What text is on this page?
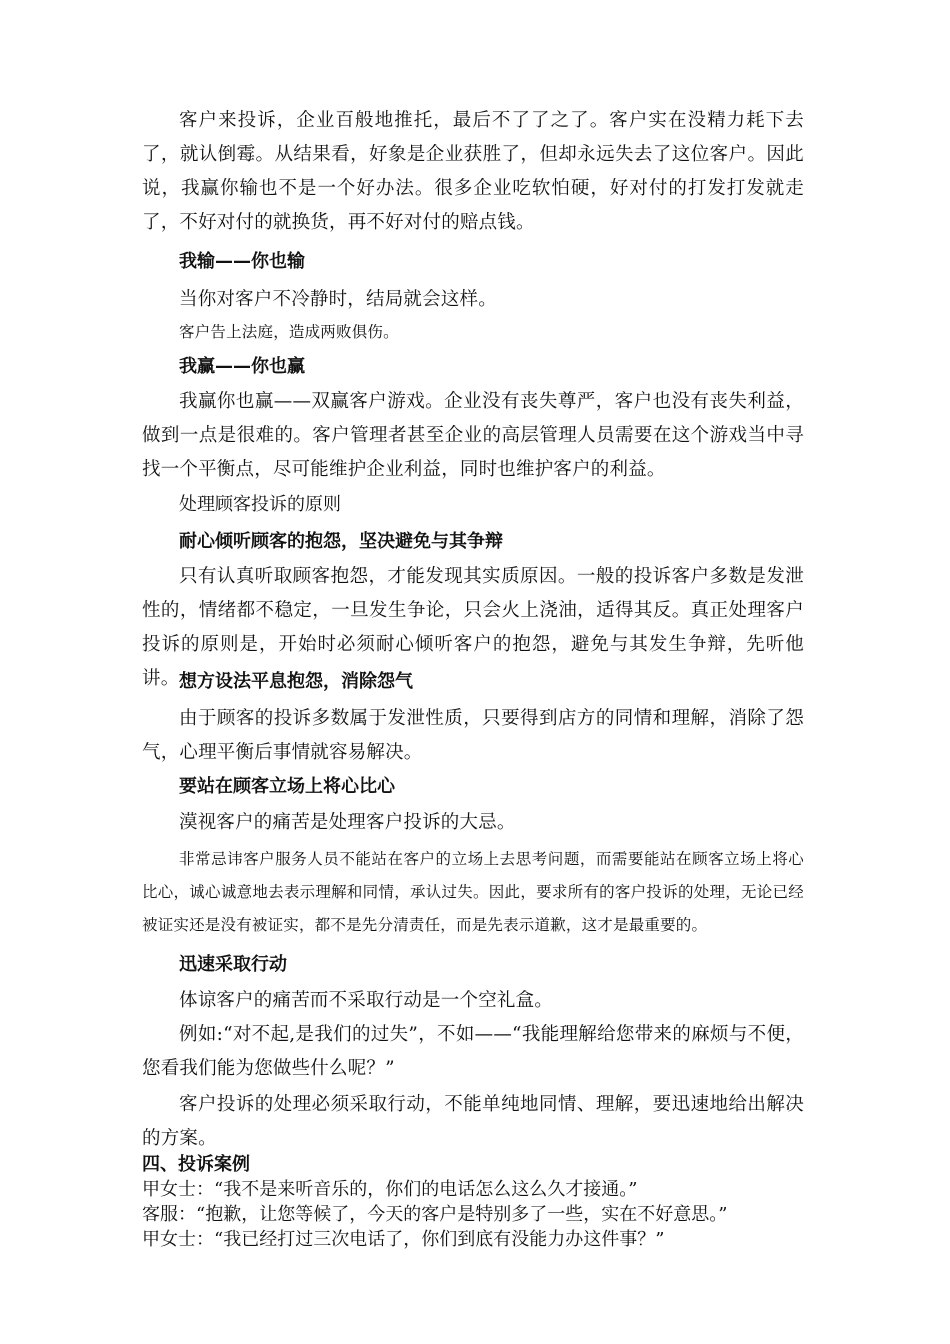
客户来投诉，企业百般地推托，最后不了了之了。客户实在没精力耗下去了，就认倒霉。从结果看，好象是企业获胜了，但却永远失去了这位客户。因此说，我赢你输也不是一个好办法。很多企业吃软怕硬，好对付的打发打发就走了，不好对付的就换货，再不好对付的赔点钱。

我输——你也输

当你对客户不冷静时，结局就会这样。

客户告上法庭，造成两败俱伤。

我赢——你也赢

我赢你也赢——双赢客户游戏。企业没有丧失尊严，客户也没有丧失利益，做到一点是很难的。客户管理者甚至企业的高层管理人员需要在这个游戏当中寻找一个平衡点，尽可能维护企业利益，同时也维护客户的利益。

处理顾客投诉的原则
耐心倾听顾客的抱怨，坚决避免与其争辩

只有认真听取顾客抱怨，才能发现其实质原因。一般的投诉客户多数是发泄性的，情绪都不稳定，一旦发生争论，只会火上浇油，适得其反。真正处理客户投诉的原则是，开始时必须耐心倾听客户的抱怨，避免与其发生争辩，先听他讲。 想方设法平息抱怨，消除怨气

由于顾客的投诉多数属于发泄性质，只要得到店方的同情和理解，消除了怨气，心理平衡后事情就容易解决。

要站在顾客立场上将心比心

漠视客户的痛苦是处理客户投诉的大忌。

非常忌讳客户服务人员不能站在客户的立场上去思考问题，而需要能站在顾客立场上将心比心，诚心诚意地去表示理解和同情，承认过失。因此，要求所有的客户投诉的处理，无论已经被证实还是没有被证实，都不是先分清责任，而是先表示道歉，这才是最重要的。

迅速采取行动

体谅客户的痛苦而不采取行动是一个空礼盒。

例如:“对不起,是我们的过失”，不如——“我能理解给您带来的麻烦与不便，您看我们能为您做些什么呢？”

客户投诉的处理必须采取行动，不能单纯地同情、理解，要迅速地给出解决的方案。

四、投诉案例
甲女士：“我不是来听音乐的，你们的电话怎么这么久才接通。”
客服：“抱歉，让您等候了，今天的客户是特别多了一些，实在不好意思。”
甲女士：“我已经打过三次电话了，你们到底有没能力办这件事？”
